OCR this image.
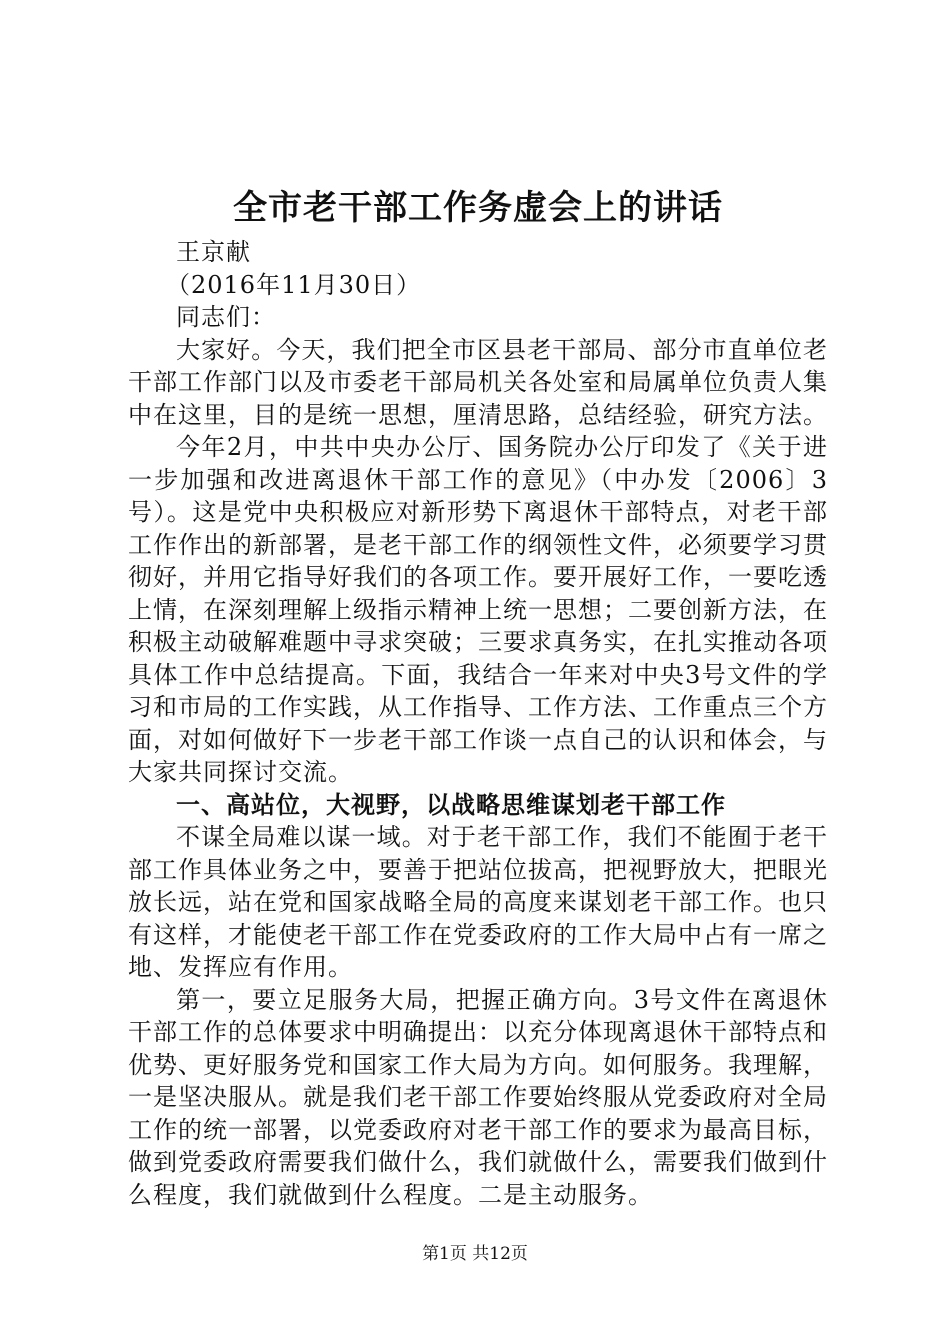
全市老干部工作务虚会上的讲话

王京献

（2016年11月30日）

同志们：

大家好。今天，我们把全市区县老干部局、部分市直单位老干部工作部门以及市委老干部局机关各处室和局属单位负责人集中在这里，目的是统一思想，厘清思路，总结经验，研究方法。

今年2月，中共中央办公厅、国务院办公厅印发了《关于进一步加强和改进离退休干部工作的意见》（中办发〔2006〕3号）。这是党中央积极应对新形势下离退休干部特点，对老干部工作作出的新部署，是老干部工作的纲领性文件，必须要学习贯彻好，并用它指导好我们的各项工作。要开展好工作，一要吃透上情，在深刻理解上级指示精神上统一思想；二要创新方法，在积极主动破解难题中寻求突破；三要求真务实，在扎实推动各项具体工作中总结提高。下面，我结合一年来对中央3号文件的学习和市局的工作实践，从工作指导、工作方法、工作重点三个方面，对如何做好下一步老干部工作谈一点自己的认识和体会，与大家共同探讨交流。

一、高站位，大视野，以战略思维谋划老干部工作

不谋全局难以谋一域。对于老干部工作，我们不能囿于老干部工作具体业务之中，要善于把站位拔高，把视野放大，把眼光放长远，站在党和国家战略全局的高度来谋划老干部工作。也只有这样，才能使老干部工作在党委政府的工作大局中占有一席之地、发挥应有作用。

第一，要立足服务大局，把握正确方向。3号文件在离退休干部工作的总体要求中明确提出：以充分体现离退休干部特点和优势、更好服务党和国家工作大局为方向。如何服务。我理解，一是坚决服从。就是我们老干部工作要始终服从党委政府对全局工作的统一部署，以党委政府对老干部工作的要求为最高目标，做到党委政府需要我们做什么，我们就做什么，需要我们做到什么程度，我们就做到什么程度。二是主动服务。

第1页 共12页
